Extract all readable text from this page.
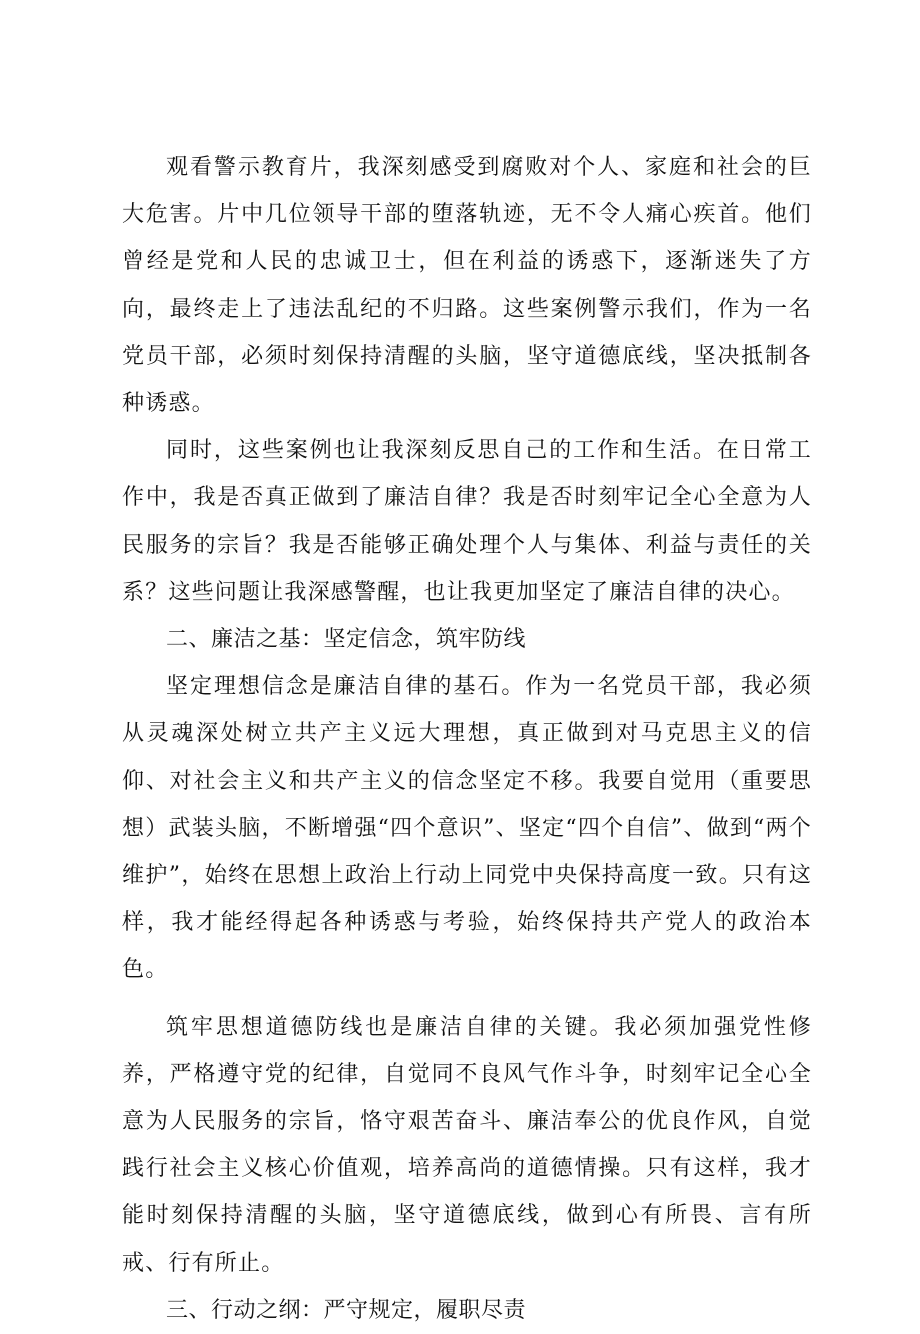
观看警示教育片，我深刻感受到腐败对个人、家庭和社会的巨大危害。片中几位领导干部的堕落轨迹，无不令人痛心疾首。他们曾经是党和人民的忠诚卫士，但在利益的诱惑下，逐渐迷失了方向，最终走上了违法乱纪的不归路。这些案例警示我们，作为一名党员干部，必须时刻保持清醒的头脑，坚守道德底线，坚决抵制各种诱惑。

同时，这些案例也让我深刻反思自己的工作和生活。在日常工作中，我是否真正做到了廉洁自律？我是否时刻牢记全心全意为人民服务的宗旨？我是否能够正确处理个人与集体、利益与责任的关系？这些问题让我深感警醒，也让我更加坚定了廉洁自律的决心。

二、廉洁之基：坚定信念，筑牢防线

坚定理想信念是廉洁自律的基石。作为一名党员干部，我必须从灵魂深处树立共产主义远大理想，真正做到对马克思主义的信仰、对社会主义和共产主义的信念坚定不移。我要自觉用（重要思想）武装头脑，不断增强“四个意识”、坚定“四个自信”、做到“两个维护”，始终在思想上政治上行动上同党中央保持高度一致。只有这样，我才能经得起各种诱惑与考验，始终保持共产党人的政治本色。

筑牢思想道德防线也是廉洁自律的关键。我必须加强党性修养，严格遵守党的纪律，自觉同不良风气作斗争，时刻牢记全心全意为人民服务的宗旨，恪守艰苦奋斗、廉洁奉公的优良作风，自觉践行社会主义核心价值观，培养高尚的道德情操。只有这样，我才能时刻保持清醒的头脑，坚守道德底线，做到心有所畏、言有所戒、行有所止。

三、行动之纲：严守规定，履职尽责
